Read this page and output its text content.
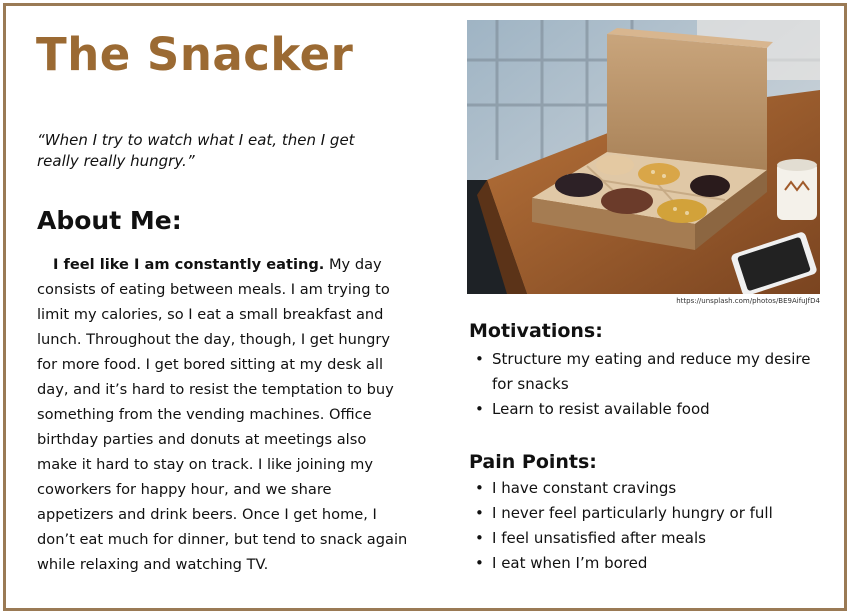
The Snacker

“When I try to watch what I eat, then I get really really hungry.”

About Me:

I feel like I am constantly eating. My day consists of eating between meals. I am trying to limit my calories, so I eat a small breakfast and lunch. Throughout the day, though, I get hungry for more food. I get bored sitting at my desk all day, and it’s hard to resist the temptation to buy something from the vending machines. Office birthday parties and donuts at meetings also make it hard to stay on track. I like joining my coworkers for happy hour, and we share appetizers and drink beers. Once I get home, I don’t eat much for dinner, but tend to snack again while relaxing and watching TV.

https://unsplash.com/photos/BE9AifuJfD4

Motivations:
• Structure my eating and reduce my desire for snacks
• Learn to resist available food
Pain Points:
• I have constant cravings
• I never feel particularly hungry or full
• I feel unsatisfied after meals
• I eat when I’m bored
